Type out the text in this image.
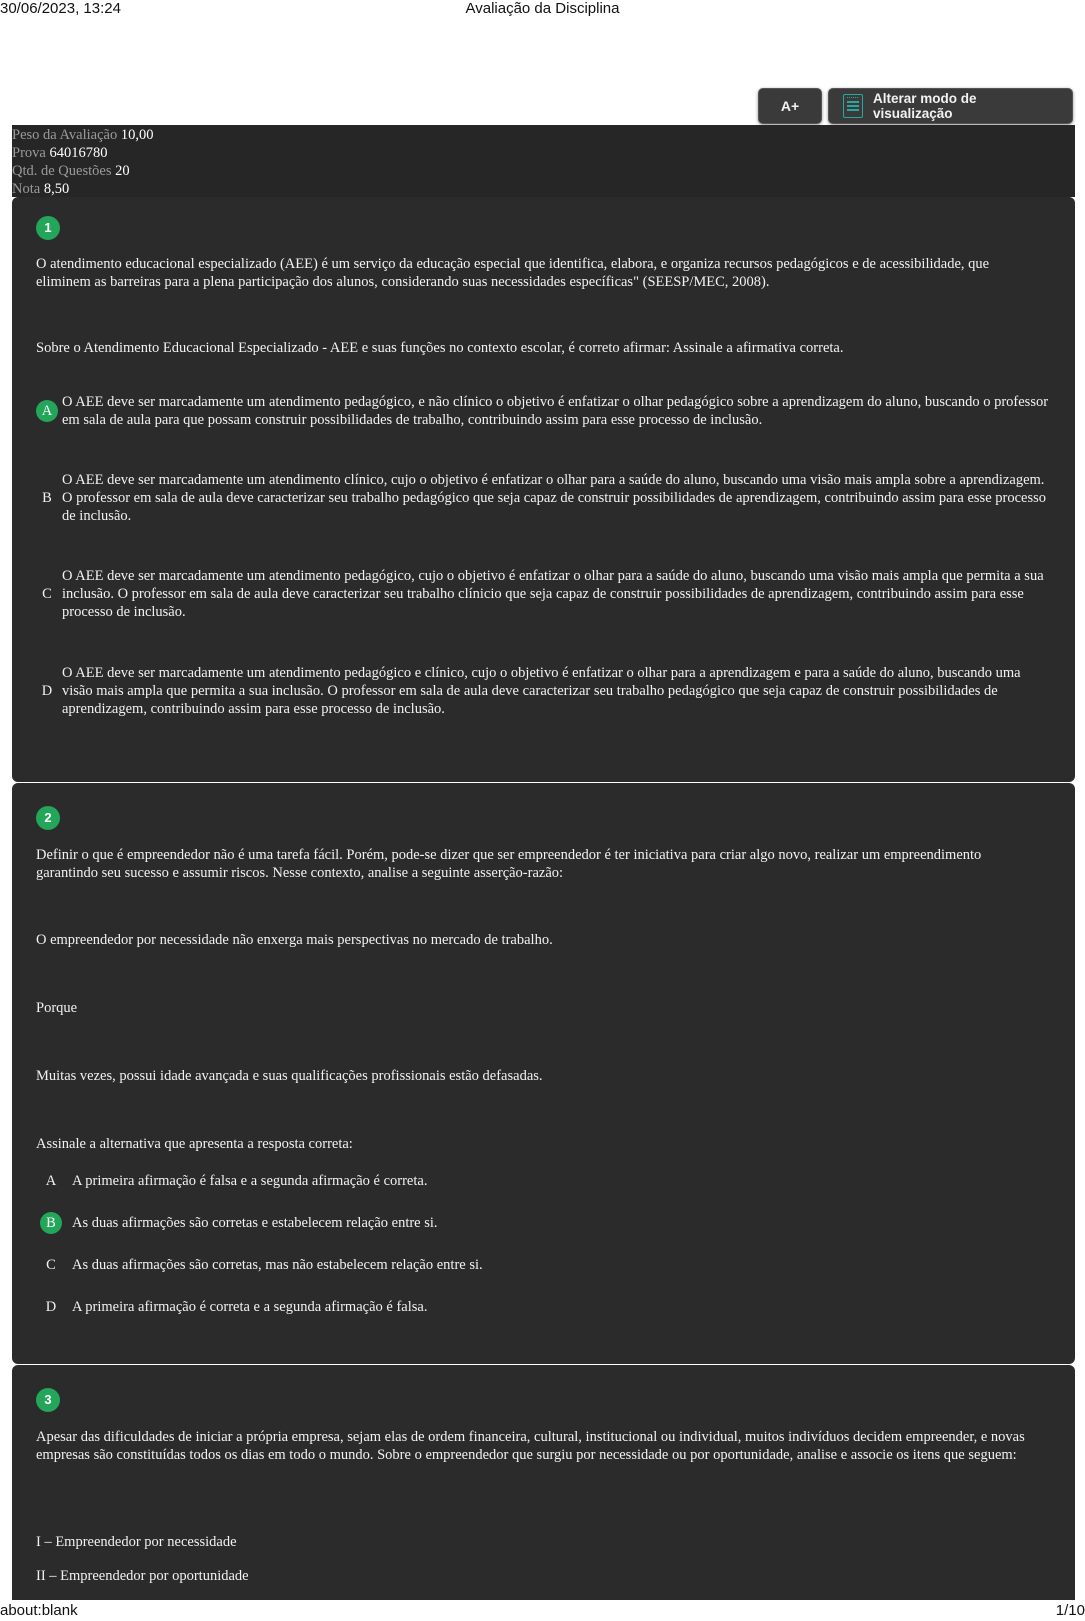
30/06/2023, 13:24	Avaliação da Disciplina
A+	Alterar modo de visualização
Peso da Avaliação 10,00
Prova 64016780
Qtd. de Questões 20
Nota 8,50
1
O atendimento educacional especializado (AEE) é um serviço da educação especial que identifica, elabora, e organiza recursos pedagógicos e de acessibilidade, que eliminem as barreiras para a plena participação dos alunos, considerando suas necessidades específicas" (SEESP/MEC, 2008).
Sobre o Atendimento Educacional Especializado - AEE e suas funções no contexto escolar, é correto afirmar: Assinale a afirmativa correta.
A
O AEE deve ser marcadamente um atendimento pedagógico, e não clínico o objetivo é enfatizar o olhar pedagógico sobre a aprendizagem do aluno, buscando o professor em sala de aula para que possam construir possibilidades de trabalho, contribuindo assim para esse processo de inclusão.
B
O AEE deve ser marcadamente um atendimento clínico, cujo o objetivo é enfatizar o olhar para a saúde do aluno, buscando uma visão mais ampla sobre a aprendizagem. O professor em sala de aula deve caracterizar seu trabalho pedagógico que seja capaz de construir possibilidades de aprendizagem, contribuindo assim para esse processo de inclusão.
C
O AEE deve ser marcadamente um atendimento pedagógico, cujo o objetivo é enfatizar o olhar para a saúde do aluno, buscando uma visão mais ampla que permita a sua inclusão. O professor em sala de aula deve caracterizar seu trabalho clínicio que seja capaz de construir possibilidades de aprendizagem, contribuindo assim para esse processo de inclusão.
D
O AEE deve ser marcadamente um atendimento pedagógico e clínico, cujo o objetivo é enfatizar o olhar para a aprendizagem e para a saúde do aluno, buscando uma visão mais ampla que permita a sua inclusão. O professor em sala de aula deve caracterizar seu trabalho pedagógico que seja capaz de construir possibilidades de aprendizagem, contribuindo assim para esse processo de inclusão.
2
Definir o que é empreendedor não é uma tarefa fácil. Porém, pode-se dizer que ser empreendedor é ter iniciativa para criar algo novo, realizar um empreendimento garantindo seu sucesso e assumir riscos. Nesse contexto, analise a seguinte asserção-razão:
O empreendedor por necessidade não enxerga mais perspectivas no mercado de trabalho.
Porque
Muitas vezes, possui idade avançada e suas qualificações profissionais estão defasadas.
Assinale a alternativa que apresenta a resposta correta:
A	A primeira afirmação é falsa e a segunda afirmação é correta.
B	As duas afirmações são corretas e estabelecem relação entre si.
C	As duas afirmações são corretas, mas não estabelecem relação entre si.
D	A primeira afirmação é correta e a segunda afirmação é falsa.
3
Apesar das dificuldades de iniciar a própria empresa, sejam elas de ordem financeira, cultural, institucional ou individual, muitos indivíduos decidem empreender, e novas empresas são constituídas todos os dias em todo o mundo. Sobre o empreendedor que surgiu por necessidade ou por oportunidade, analise e associe os itens que seguem:
I – Empreendedor por necessidade
II – Empreendedor por oportunidade
about:blank	1/10
